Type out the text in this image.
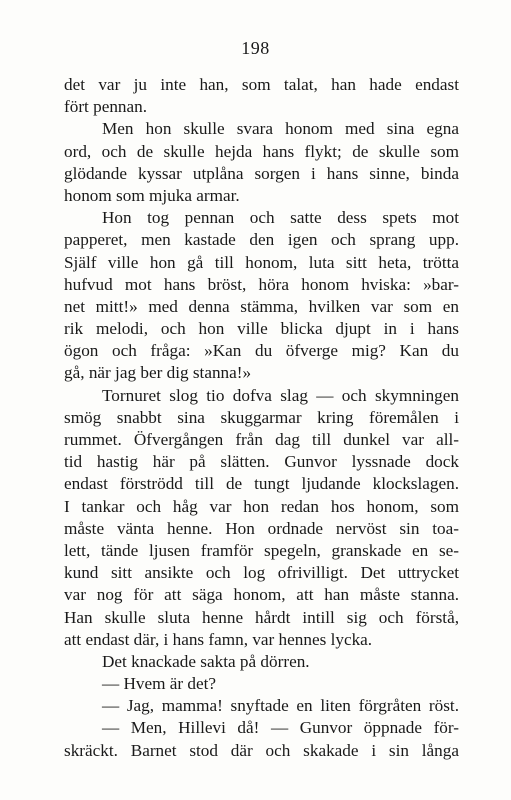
198
det var ju inte han, som talat, han hade endast
fört pennan.
Men hon skulle svara honom med sina egna
ord, och de skulle hejda hans flykt; de skulle som
glödande kyssar utplåna sorgen i hans sinne, binda
honom som mjuka armar.
Hon tog pennan och satte dess spets mot
papperet, men kastade den igen och sprang upp.
Själf ville hon gå till honom, luta sitt heta, trötta
hufvud mot hans bröst, höra honom hviska: »bar-
net mitt!» med denna stämma, hvilken var som en
rik melodi, och hon ville blicka djupt in i hans
ögon och fråga: »Kan du öfverge mig? Kan du
gå, när jag ber dig stanna!»
Tornuret slog tio dofva slag — och skymningen
smög snabbt sina skuggarmar kring föremålen i
rummet. Öfvergången från dag till dunkel var all-
tid hastig här på slätten. Gunvor lyssnade dock
endast förströdd till de tungt ljudande klockslagen.
I tankar och håg var hon redan hos honom, som
måste vänta henne. Hon ordnade nervöst sin toa-
lett, tände ljusen framför spegeln, granskade en se-
kund sitt ansikte och log ofrivilligt. Det uttrycket
var nog för att säga honom, att han måste stanna.
Han skulle sluta henne hårdt intill sig och förstå,
att endast där, i hans famn, var hennes lycka.
Det knackade sakta på dörren.
— Hvem är det?
— Jag, mamma! snyftade en liten förgråten röst.
— Men, Hillevi då! — Gunvor öppnade för-
skräckt. Barnet stod där och skakade i sin långa
